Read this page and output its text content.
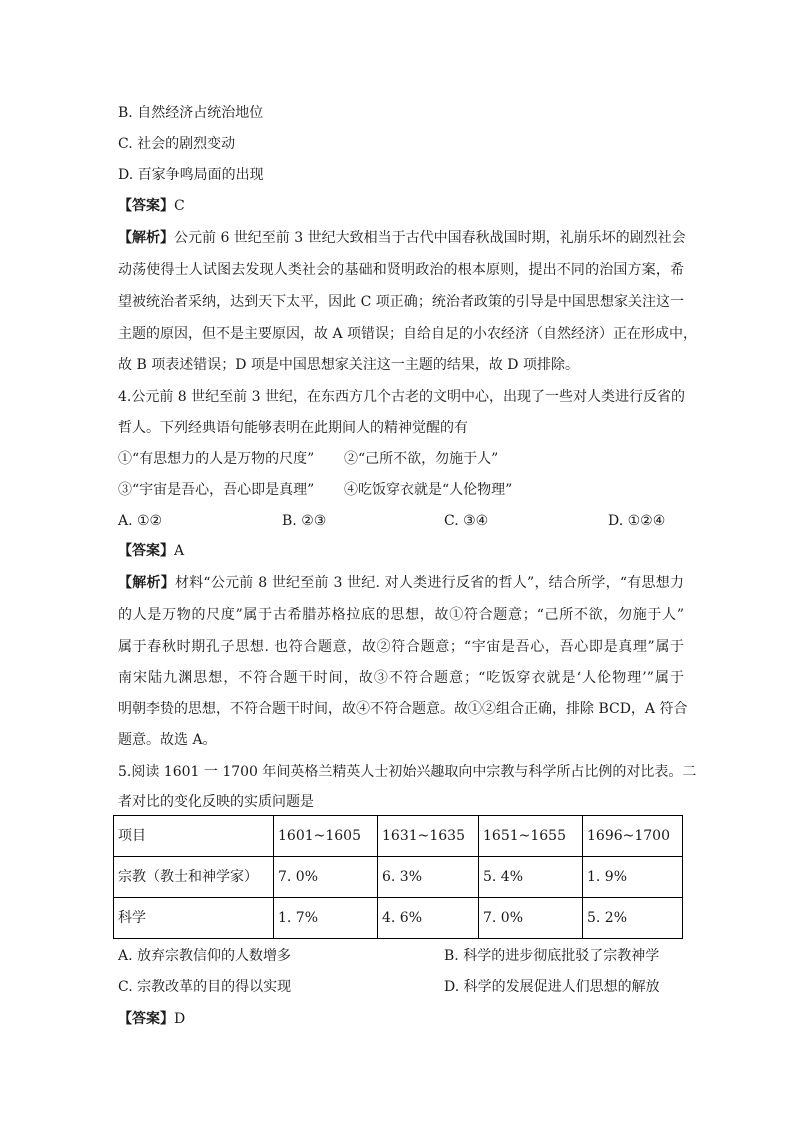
B. 自然经济占统治地位
C. 社会的剧烈变动
D. 百家争鸣局面的出现
【答案】C
【解析】公元前 6 世纪至前 3 世纪大致相当于古代中国春秋战国时期，礼崩乐坏的剧烈社会
动荡使得士人试图去发现人类社会的基础和贤明政治的根本原则，提出不同的治国方案，希
望被统治者采纳，达到天下太平，因此 C 项正确；统治者政策的引导是中国思想家关注这一
主题的原因，但不是主要原因，故 A 项错误；自给自足的小农经济（自然经济）正在形成中，
故 B 项表述错误；D 项是中国思想家关注这一主题的结果，故 D 项排除。
4.公元前 8 世纪至前 3 世纪，在东西方几个古老的文明中心，出现了一些对人类进行反省的
哲人。下列经典语句能够表明在此期间人的精神觉醒的有
①“有思想力的人是万物的尺度” ②“己所不欲，勿施于人”
③“宇宙是吾心，吾心即是真理” ④吃饭穿衣就是“人伦物理”
A. ①②	B. ②③	C. ③④	D. ①②④
【答案】A
【解析】材料“公元前 8 世纪至前 3 世纪. 对人类进行反省的哲人”，结合所学，“有思想力
的人是万物的尺度”属于古希腊苏格拉底的思想，故①符合题意；“己所不欲，勿施于人”
属于春秋时期孔子思想. 也符合题意，故②符合题意；“宇宙是吾心，吾心即是真理”属于
南宋陆九渊思想，不符合题干时间，故③不符合题意；“吃饭穿衣就是‘人伦物理’”属于
明朝李贽的思想，不符合题干时间，故④不符合题意。故①②组合正确，排除 BCD，A 符合
题意。故选 A。
5.阅读 1601 一 1700 年间英格兰精英人士初始兴趣取向中宗教与科学所占比例的对比表。二
者对比的变化反映的实质问题是
项目	1601~1605	1631~1635	1651~1655	1696~1700
宗教（教士和神学家）	7. 0%	6. 3%	5. 4%	1. 9%
科学	1. 7%	4. 6%	7. 0%	5. 2%
A. 放弃宗教信仰的人数增多	B. 科学的进步彻底批驳了宗教神学
C. 宗教改革的目的得以实现	D. 科学的发展促进人们思想的解放
【答案】D
